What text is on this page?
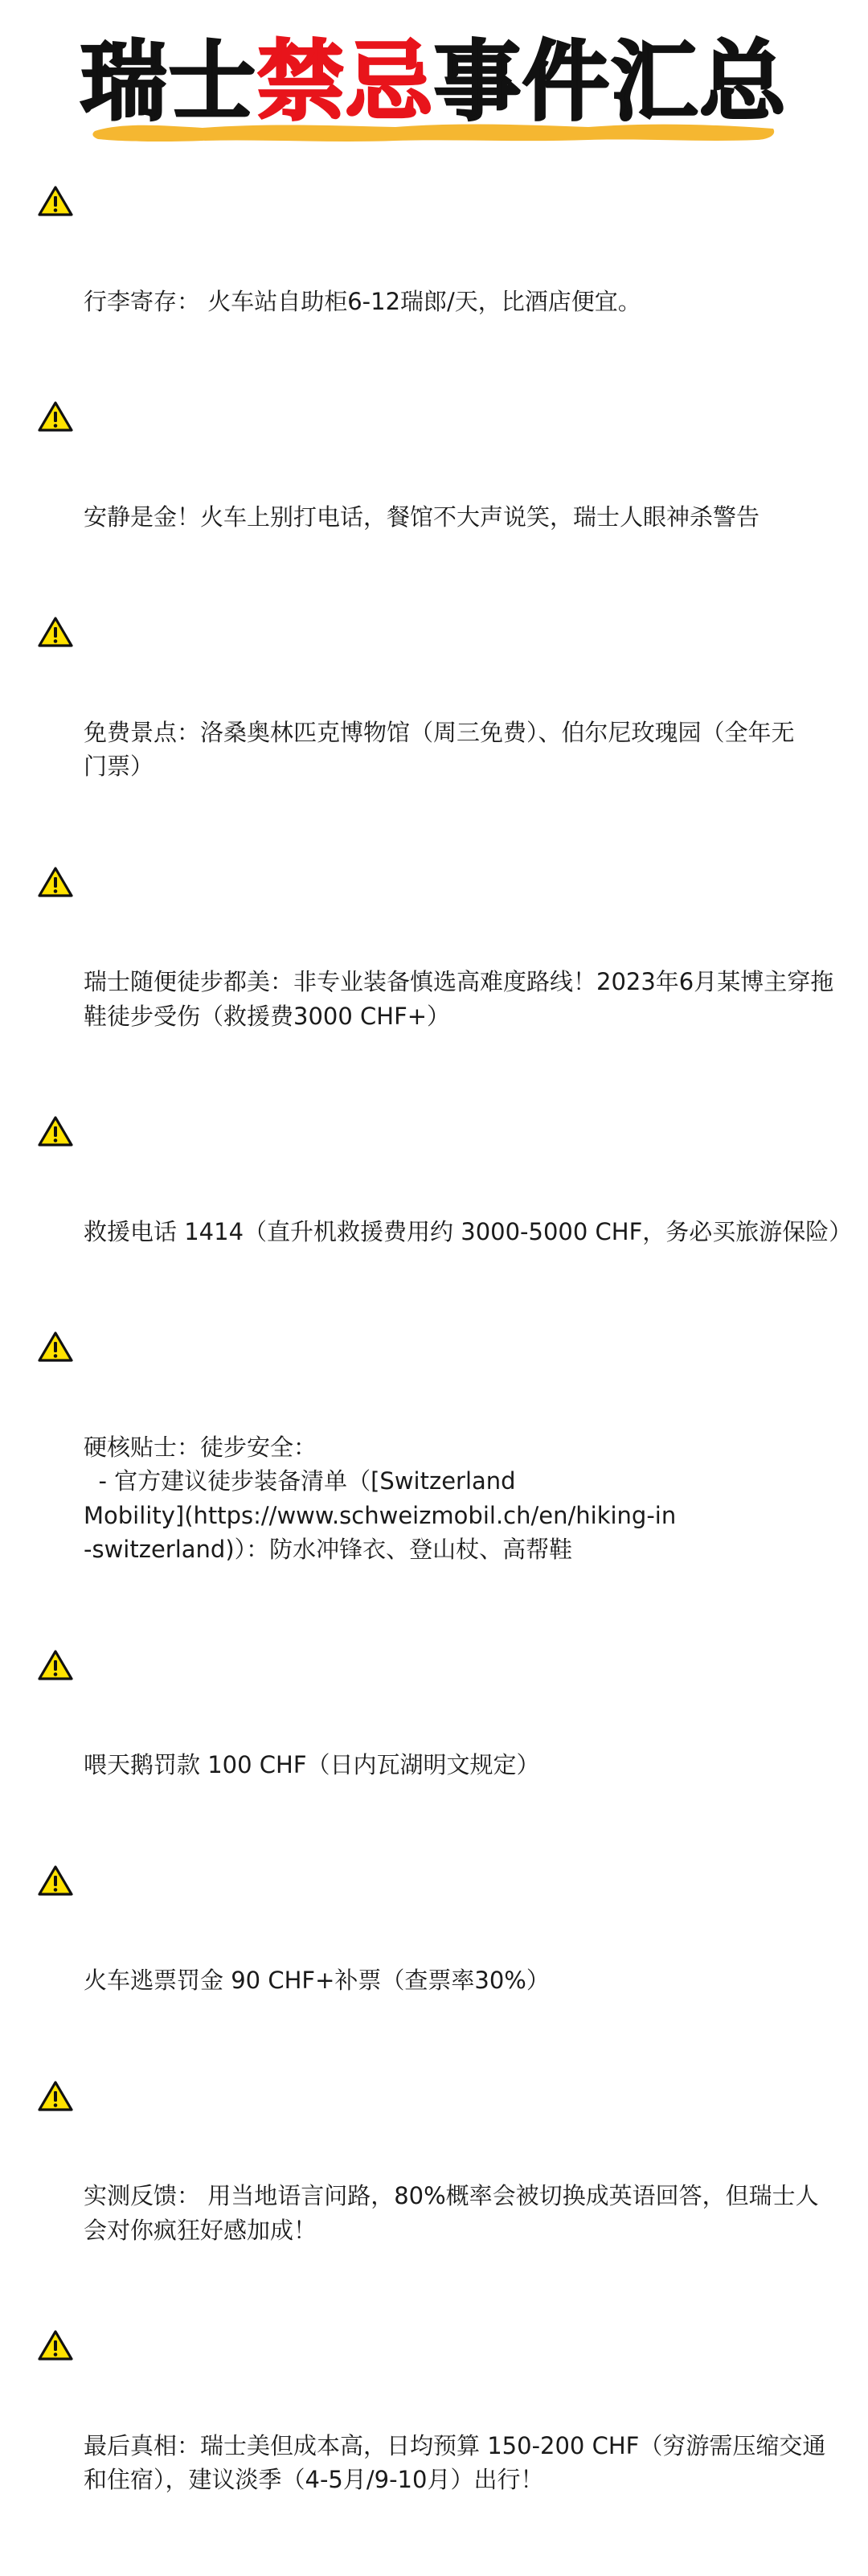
瑞士禁忌事件汇总

行李寄存： 火车站自助柜6-12瑞郎/天，比酒店便宜。

安静是金！火车上别打电话，餐馆不大声说笑，瑞士人眼神杀警告

免费景点：洛桑奥林匹克博物馆（周三免费）、伯尔尼玫瑰园（全年无
门票）

瑞士随便徒步都美：非专业装备慎选高难度路线！2023年6月某博主穿拖
鞋徒步受伤（救援费3000 CHF+）

救援电话 1414（直升机救援费用约 3000-5000 CHF，务必买旅游保险）

硬核贴士：徒步安全：
- 官方建议徒步装备清单（[Switzerland
Mobility](https://www.schweizmobil.ch/en/hiking-in
-switzerland)）：防水冲锋衣、登山杖、高帮鞋

喂天鹅罚款 100 CHF（日内瓦湖明文规定）

火车逃票罚金 90 CHF+补票（查票率30%）

实测反馈： 用当地语言问路，80%概率会被切换成英语回答，但瑞士人
会对你疯狂好感加成！

最后真相：瑞士美但成本高，日均预算 150-200 CHF（穷游需压缩交通
和住宿），建议淡季（4-5月/9-10月）出行！
